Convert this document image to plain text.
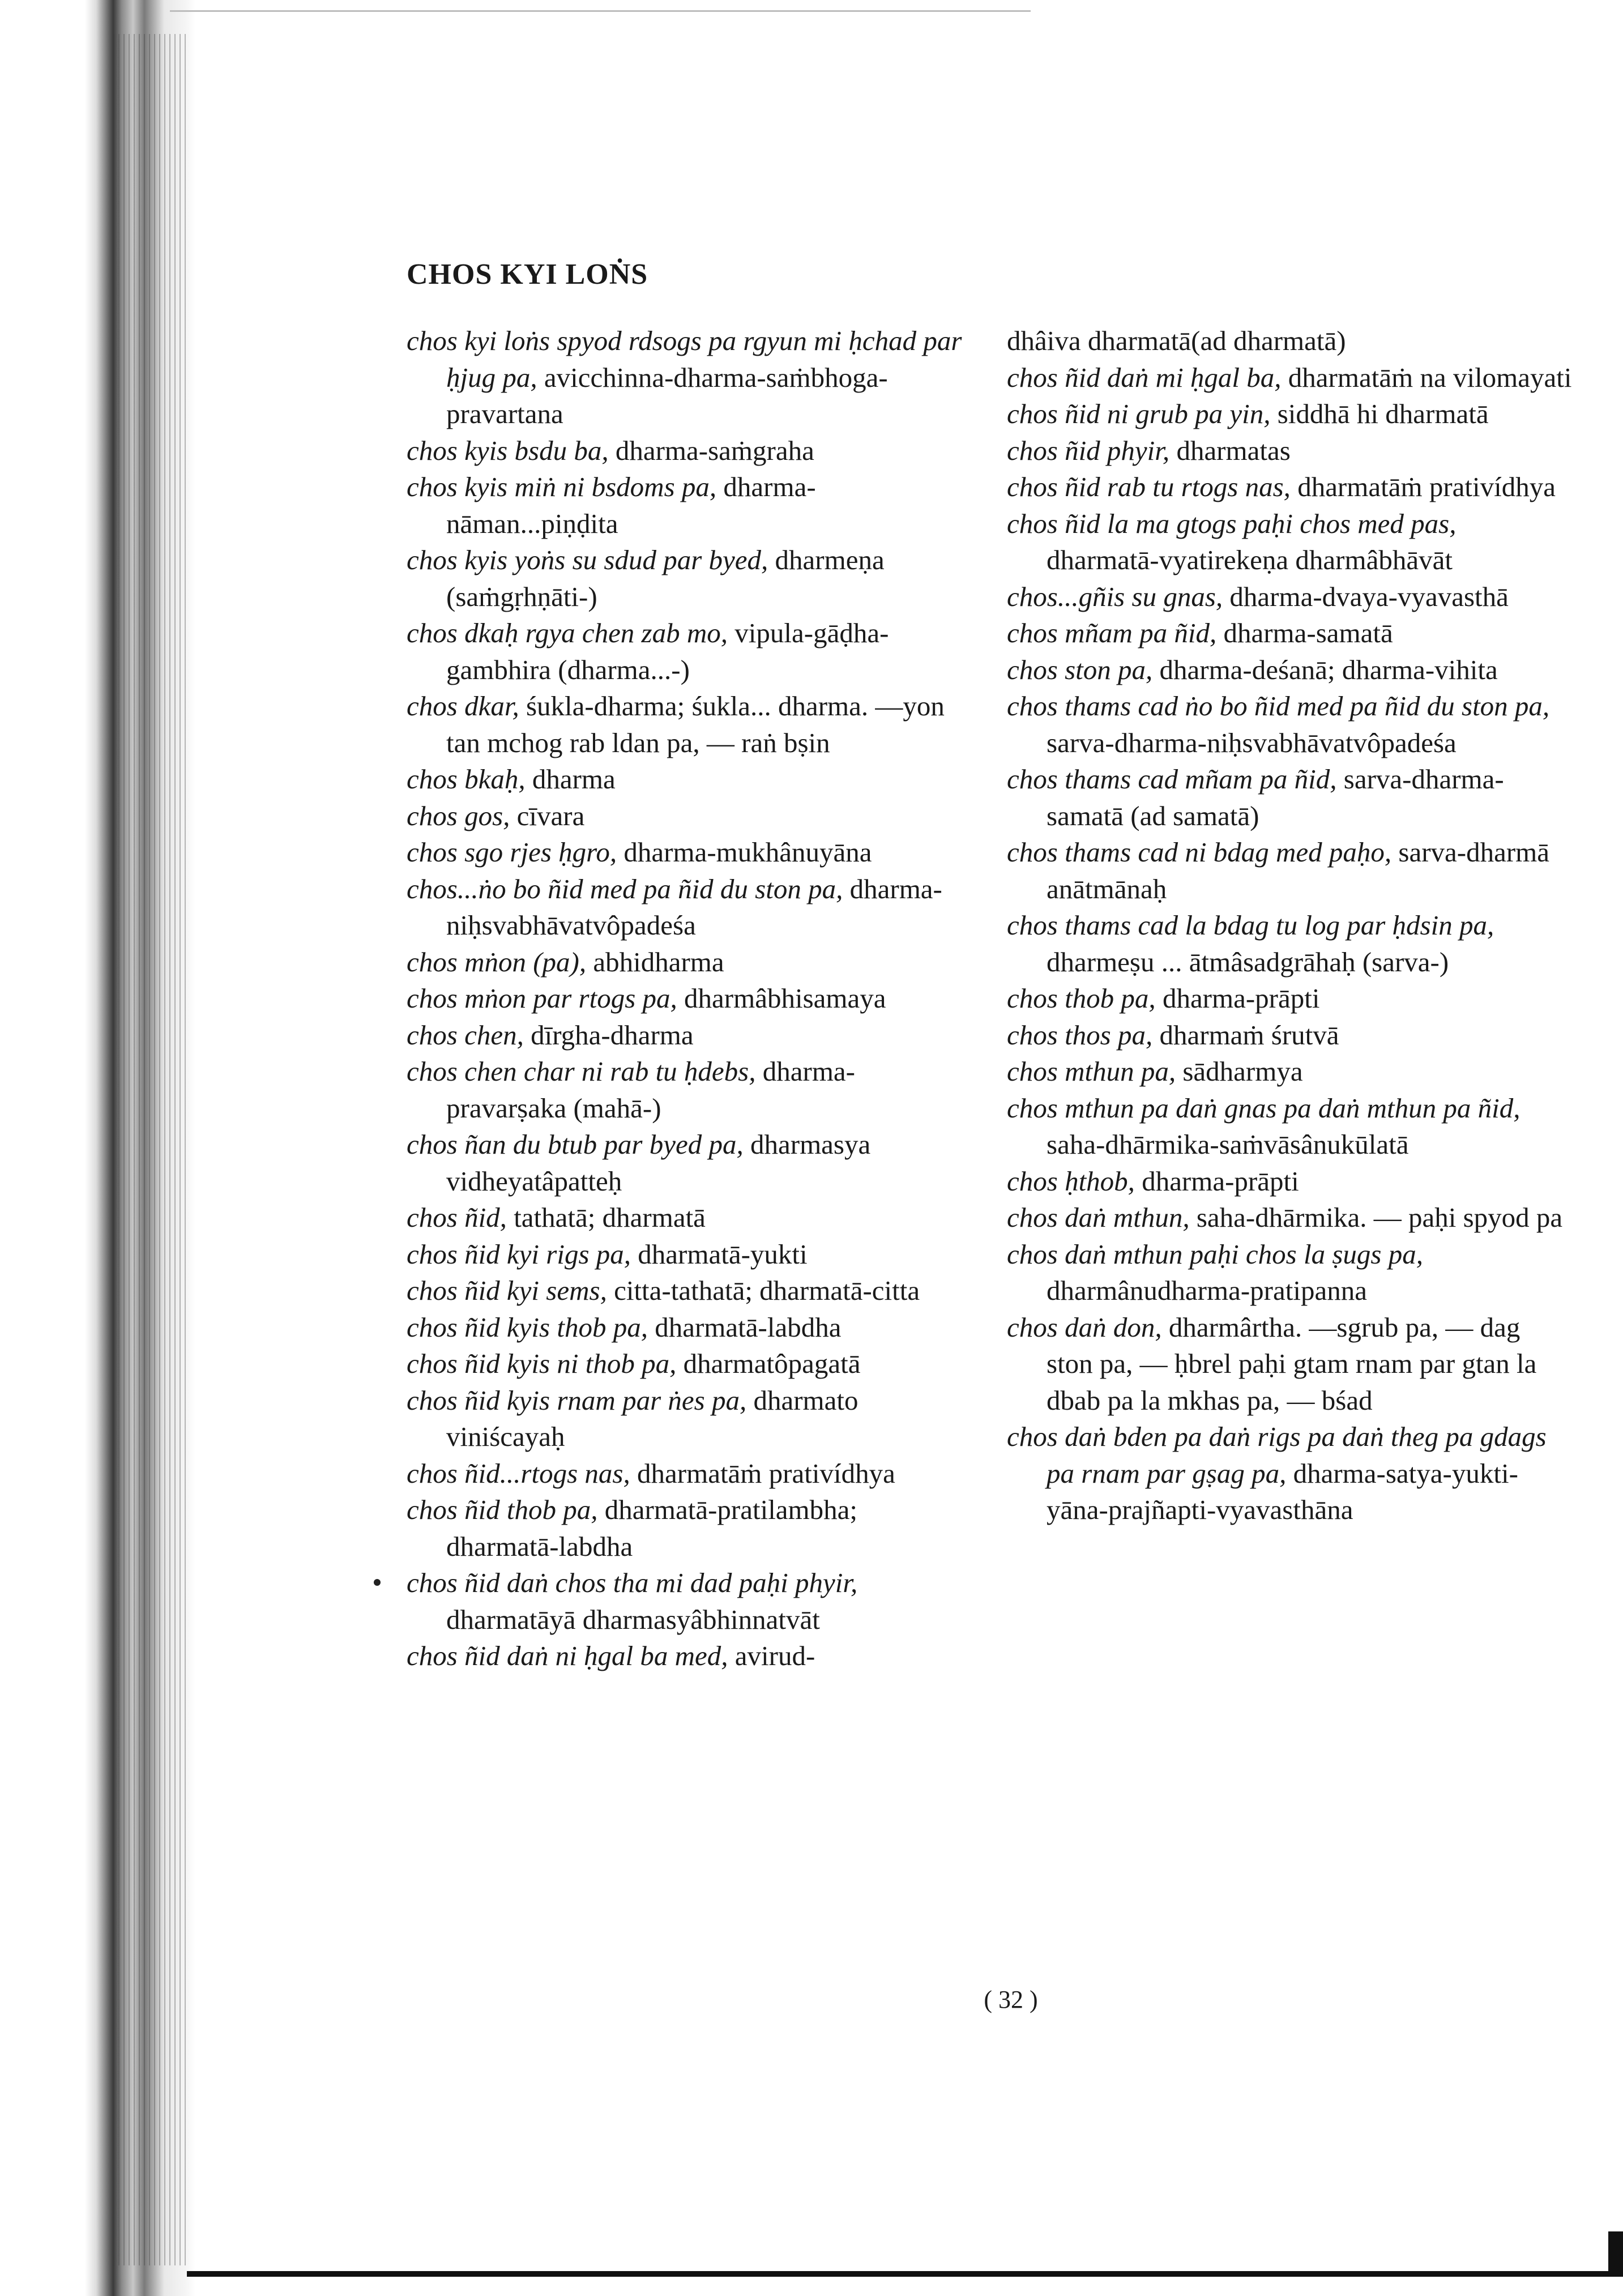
CHOS KYI LOṄS

chos kyi loṅs spyod rdsogs pa rgyun mi ḥchad par ḥjug pa, avicchinna-dharma-saṁbhoga-pravartana

chos kyis bsdu ba, dharma-saṁgraha

chos kyis miṅ ni bsdoms pa, dharma-nāman...piṇḍita

chos kyis yoṅs su sdud par byed, dharmeṇa (saṁgṛhṇāti-)

chos dkaḥ rgya chen zab mo, vipula-gāḍha-gambhira (dharma...-)

chos dkar, śukla-dharma; śukla... dharma. —yon tan mchog rab ldan pa, — raṅ bṣin

chos bkaḥ, dharma

chos gos, cīvara

chos sgo rjes ḥgro, dharma-mukhânuyāna

chos...ṅo bo ñid med pa ñid du ston pa, dharma-niḥsvabhāvatvôpadeśa

chos mṅon (pa), abhidharma

chos mṅon par rtogs pa, dharmâbhisamaya

chos chen, dīrgha-dharma

chos chen char ni rab tu ḥdebs, dharma-pravarṣaka (mahā-)

chos ñan du btub par byed pa, dharmasya vidheyatâpatteḥ

chos ñid, tathatā; dharmatā

chos ñid kyi rigs pa, dharmatā-yukti

chos ñid kyi sems, citta-tathatā; dharmatā-citta

chos ñid kyis thob pa, dharmatā-labdha

chos ñid kyis ni thob pa, dharmatôpagatā

chos ñid kyis rnam par ṅes pa, dharmato viniścayaḥ

chos ñid...rtogs nas, dharmatāṁ prativídhya

chos ñid thob pa, dharmatā-pratilambha; dharmatā-labdha

chos ñid daṅ chos tha mi dad paḥi phyir, dharmatāyā dharmasyâbhinnatvāt

chos ñid daṅ ni ḥgal ba med, avirud-

dhâiva dharmatā(ad dharmatā)

chos ñid daṅ mi ḥgal ba, dharmatāṁ na vilomayati

chos ñid ni grub pa yin, siddhā hi dharmatā

chos ñid phyir, dharmatas

chos ñid rab tu rtogs nas, dharmatāṁ prativídhya

chos ñid la ma gtogs paḥi chos med pas, dharmatā-vyatirekeṇa dharmâbhāvāt

chos...gñis su gnas, dharma-dvaya-vyavasthā

chos mñam pa ñid, dharma-samatā

chos ston pa, dharma-deśanā; dharma-vihita

chos thams cad ṅo bo ñid med pa ñid du ston pa, sarva-dharma-niḥsvabhāvatvôpadeśa

chos thams cad mñam pa ñid, sarva-dharma-samatā (ad samatā)

chos thams cad ni bdag med paḥo, sarva-dharmā anātmānaḥ

chos thams cad la bdag tu log par ḥdsin pa, dharmeṣu ... ātmâsadgrāhaḥ (sarva-)

chos thob pa, dharma-prāpti

chos thos pa, dharmaṁ śrutvā

chos mthun pa, sādharmya

chos mthun pa daṅ gnas pa daṅ mthun pa ñid, saha-dhārmika-saṁvāsânukūlatā

chos ḥthob, dharma-prāpti

chos daṅ mthun, saha-dhārmika. — paḥi spyod pa

chos daṅ mthun paḥi chos la ṣugs pa, dharmânudharma-pratipanna

chos daṅ don, dharmârtha. —sgrub pa, — dag ston pa, — ḥbrel paḥi gtam rnam par gtan la dbab pa la mkhas pa, — bśad

chos daṅ bden pa daṅ rigs pa daṅ theg pa gdags pa rnam par gṣag pa, dharma-satya-yukti-yāna-prajñapti-vyavasthāna

( 32 )
